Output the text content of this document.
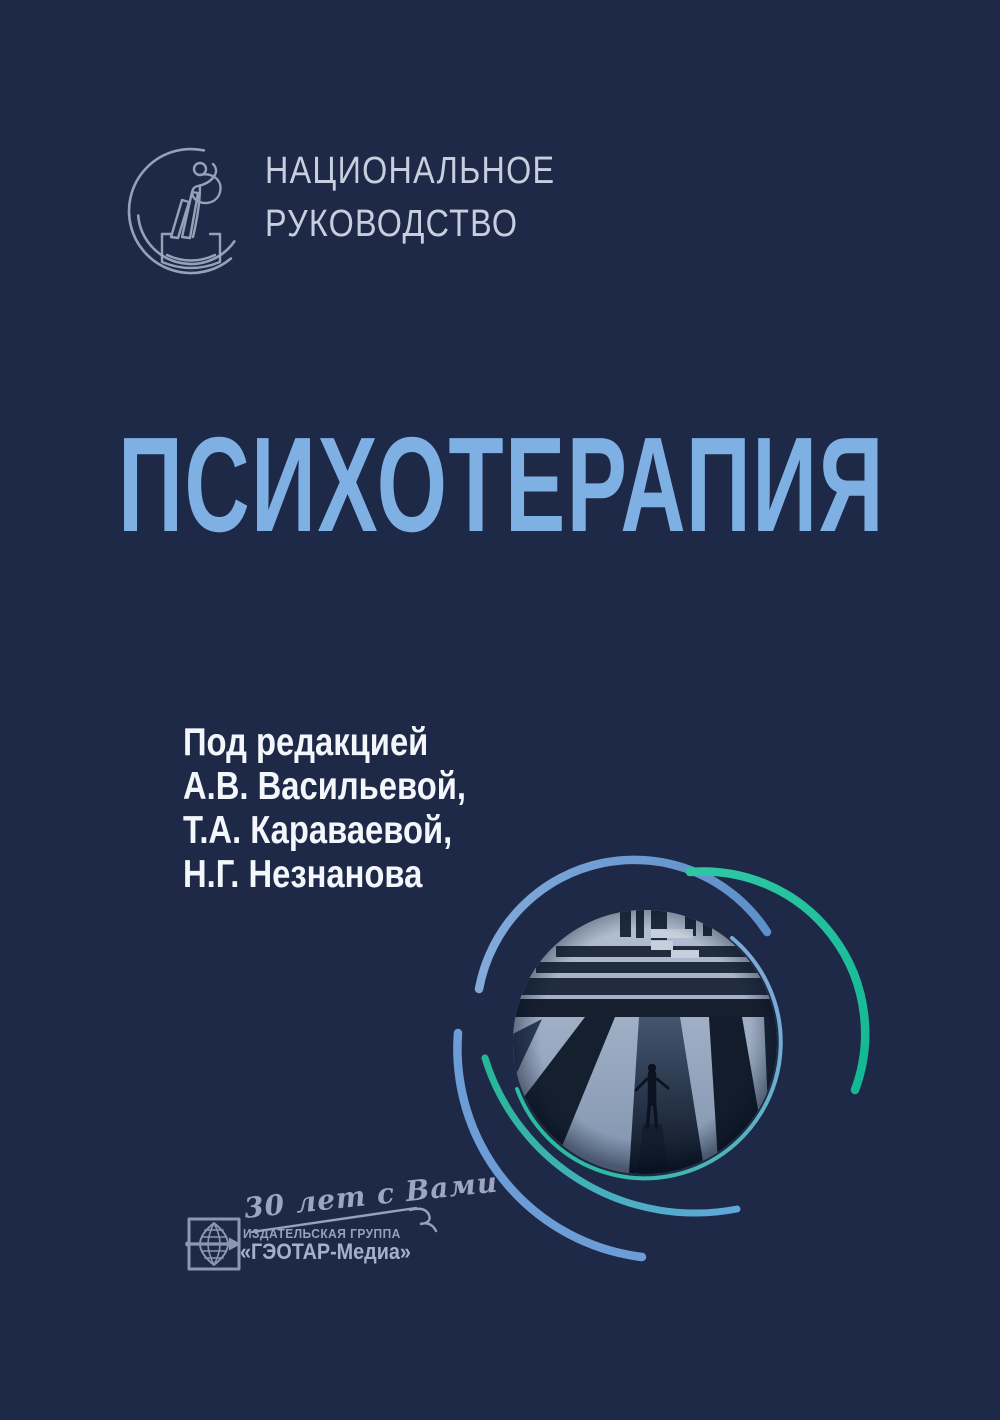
НАЦИОНАЛЬНОЕ
РУКОВОДСТВО
ПСИХОТЕРАПИЯ
Под редакцией
А.В. Васильевой,
Т.А. Караваевой,
Н.Г. Незнанова
30 лет с Вами
ИЗДАТЕЛЬСКАЯ ГРУППА
«ГЭОТАР-Медиа»
